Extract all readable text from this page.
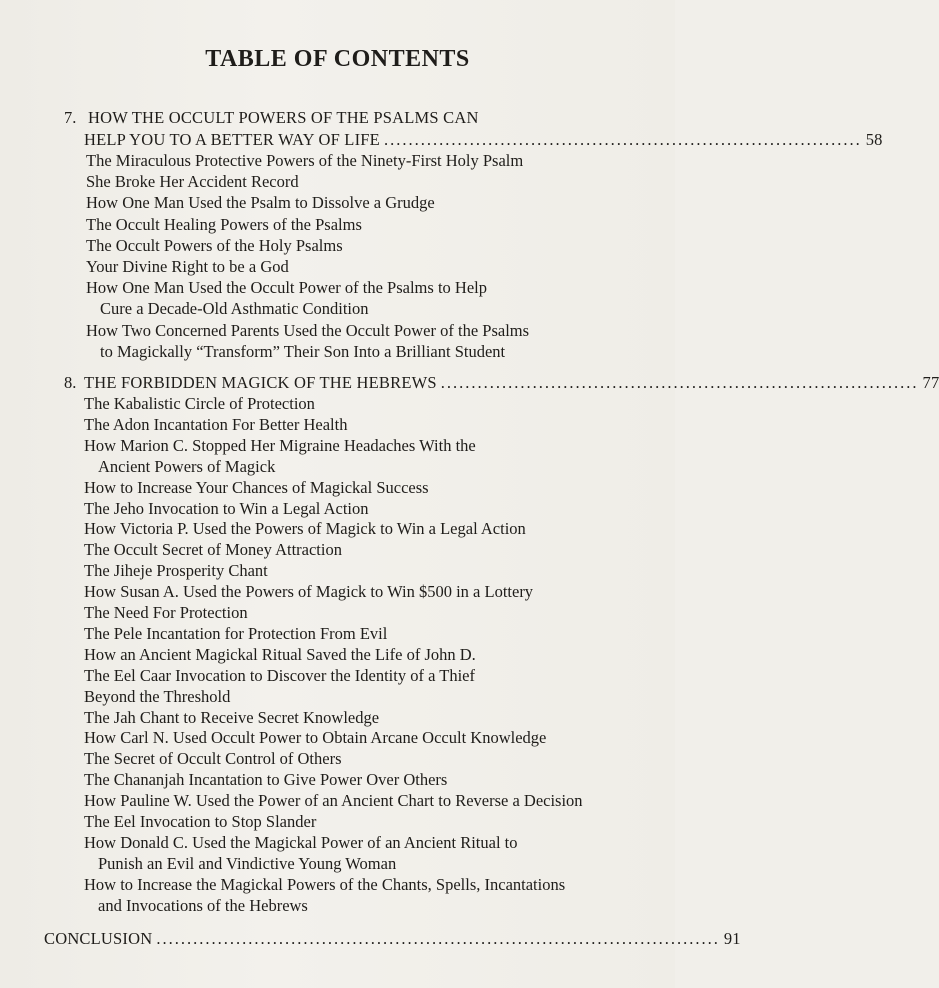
TABLE OF CONTENTS
7. HOW THE OCCULT POWERS OF THE PSALMS CAN
HELP YOU TO A BETTER WAY OF LIFE .............................................................................. 58
The Miraculous Protective Powers of the Ninety-First Holy Psalm
She Broke Her Accident Record
How One Man Used the Psalm to Dissolve a Grudge
The Occult Healing Powers of the Psalms
The Occult Powers of the Holy Psalms
Your Divine Right to be a God
How One Man Used the Occult Power of the Psalms to Help
Cure a Decade-Old Asthmatic Condition
How Two Concerned Parents Used the Occult Power of the Psalms
to Magickally “Transform” Their Son Into a Brilliant Student
8. THE FORBIDDEN MAGICK OF THE HEBREWS .............................................................................. 77
The Kabalistic Circle of Protection
The Adon Incantation For Better Health
How Marion C. Stopped Her Migraine Headaches With the
Ancient Powers of Magick
How to Increase Your Chances of Magickal Success
The Jeho Invocation to Win a Legal Action
How Victoria P. Used the Powers of Magick to Win a Legal Action
The Occult Secret of Money Attraction
The Jiheje Prosperity Chant
How Susan A. Used the Powers of Magick to Win $500 in a Lottery
The Need For Protection
The Pele Incantation for Protection From Evil
How an Ancient Magickal Ritual Saved the Life of John D.
The Eel Caar Invocation to Discover the Identity of a Thief
Beyond the Threshold
The Jah Chant to Receive Secret Knowledge
How Carl N. Used Occult Power to Obtain Arcane Occult Knowledge
The Secret of Occult Control of Others
The Chananjah Incantation to Give Power Over Others
How Pauline W. Used the Power of an Ancient Chart to Reverse a Decision
The Eel Invocation to Stop Slander
How Donald C. Used the Magickal Power of an Ancient Ritual to
Punish an Evil and Vindictive Young Woman
How to Increase the Magickal Powers of the Chants, Spells, Incantations
and Invocations of the Hebrews
CONCLUSION ............................................................................................ 91
